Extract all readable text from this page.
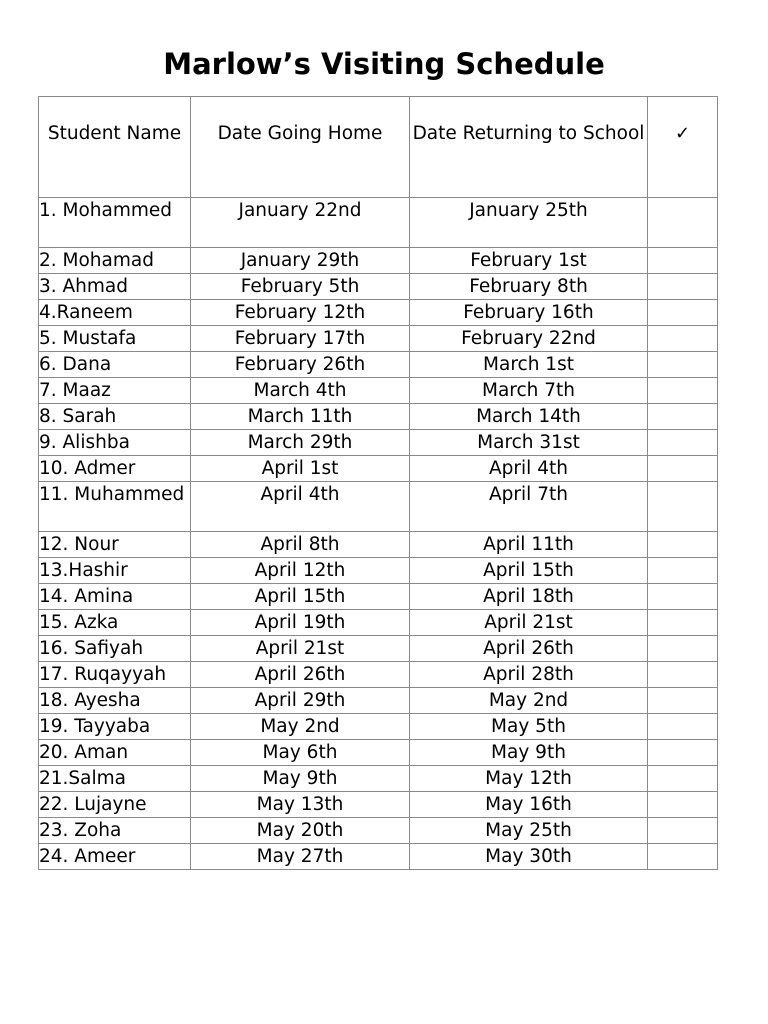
Marlow’s Visiting Schedule
Student Name	Date Going Home	Date Returning to School	✓
1. Mohammed	January 22nd	January 25th	
2. Mohamad	January 29th	February 1st	
3. Ahmad	February 5th	February 8th	
4.Raneem	February 12th	February 16th	
5. Mustafa	February 17th	February 22nd	
6. Dana	February 26th	March 1st	
7. Maaz	March 4th	March 7th	
8. Sarah	March 11th	March 14th	
9. Alishba	March 29th	March 31st	
10. Admer	April 1st	April 4th	
11. Muhammed	April 4th	April 7th	
12. Nour	April 8th	April 11th	
13.Hashir	April 12th	April 15th	
14. Amina	April 15th	April 18th	
15. Azka	April 19th	April 21st	
16. Safiyah	April 21st	April 26th	
17. Ruqayyah	April 26th	April 28th	
18. Ayesha	April 29th	May 2nd	
19. Tayyaba	May 2nd	May 5th	
20. Aman	May 6th	May 9th	
21.Salma	May 9th	May 12th	
22. Lujayne	May 13th	May 16th	
23. Zoha	May 20th	May 25th	
24. Ameer	May 27th	May 30th	
